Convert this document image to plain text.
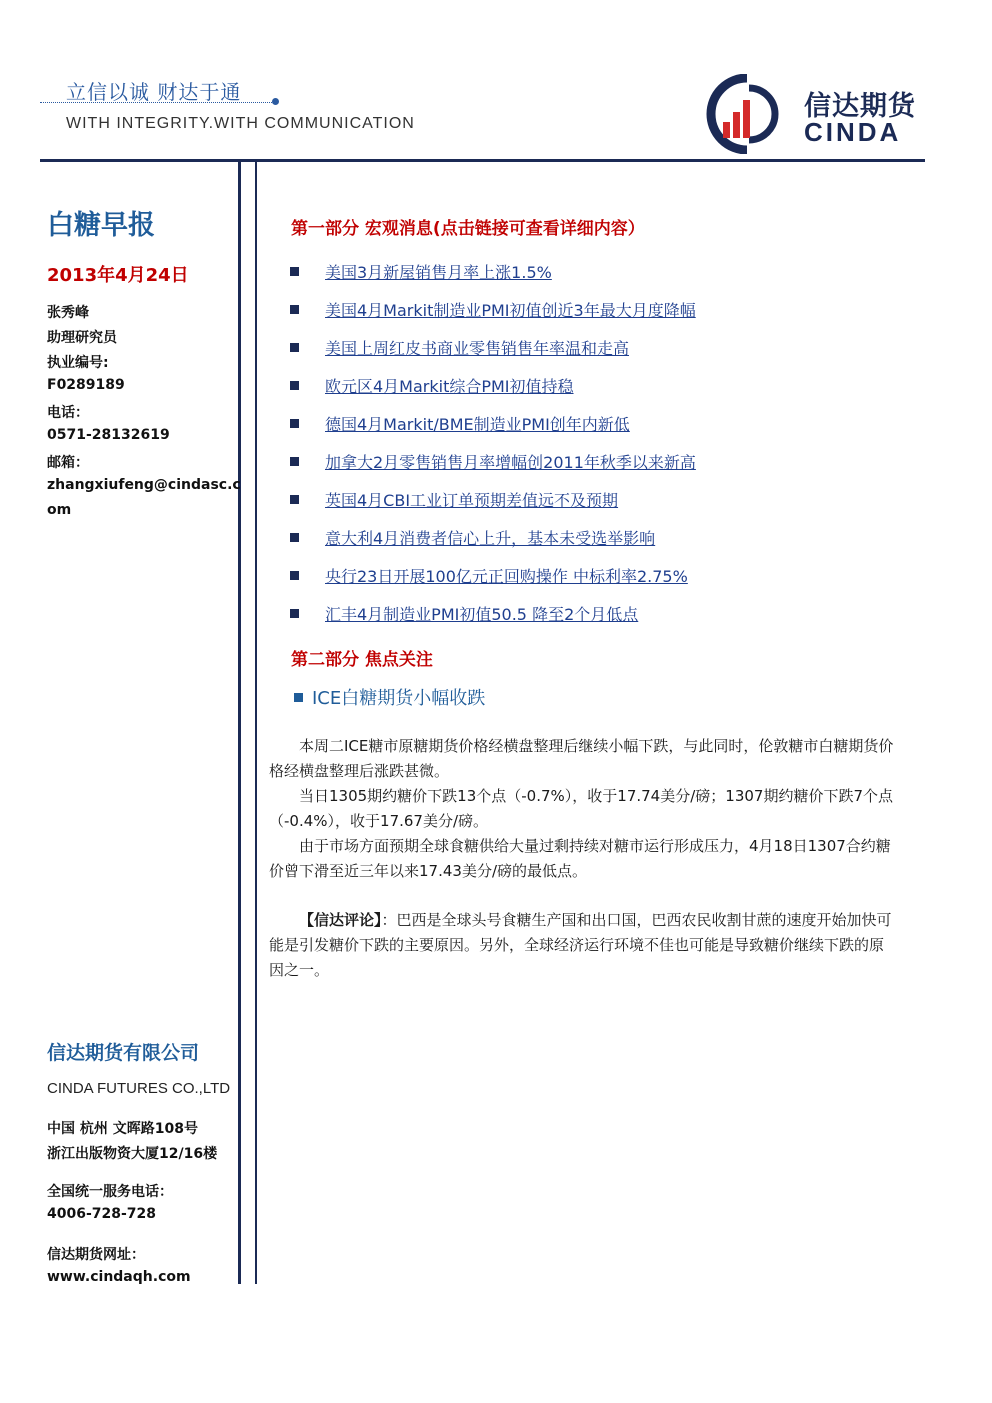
立信以诚 财达于通
WITH INTEGRITY.WITH COMMUNICATION
信达期货
CINDA
白糖早报
2013年4月24日
张秀峰
助理研究员
执业编号:
F0289189
电话：
0571-28132619
邮箱：
zhangxiufeng@cindasc.c
om
信达期货有限公司
CINDA FUTURES CO.,LTD
中国 杭州 文晖路108号
浙江出版物资大厦12/16楼
全国统一服务电话：
4006-728-728
信达期货网址：
www.cindaqh.com
第一部分 宏观消息(点击链接可查看详细内容）
美国3月新屋销售月率上涨1.5%
美国4月Markit制造业PMI初值创近3年最大月度降幅
美国上周红皮书商业零售销售年率温和走高
欧元区4月Markit综合PMI初值持稳
德国4月Markit/BME制造业PMI创年内新低
加拿大2月零售销售月率增幅创2011年秋季以来新高
英国4月CBI工业订单预期差值远不及预期
意大利4月消费者信心上升，基本未受选举影响
央行23日开展100亿元正回购操作 中标利率2.75%
汇丰4月制造业PMI初值50.5 降至2个月低点
第二部分 焦点关注
ICE白糖期货小幅收跌

本周二ICE糖市原糖期货价格经横盘整理后继续小幅下跌，与此同时，伦敦糖市白糖期货价格经横盘整理后涨跌甚微。

当日1305期约糖价下跌13个点（-0.7%），收于17.74美分/磅；1307期约糖价下跌7个点（-0.4%），收于17.67美分/磅。

由于市场方面预期全球食糖供给大量过剩持续对糖市运行形成压力，4月18日1307合约糖价曾下滑至近三年以来17.43美分/磅的最低点。

【信达评论】：巴西是全球头号食糖生产国和出口国，巴西农民收割甘蔗的速度开始加快可能是引发糖价下跌的主要原因。另外，全球经济运行环境不佳也可能是导致糖价继续下跌的原因之一。
